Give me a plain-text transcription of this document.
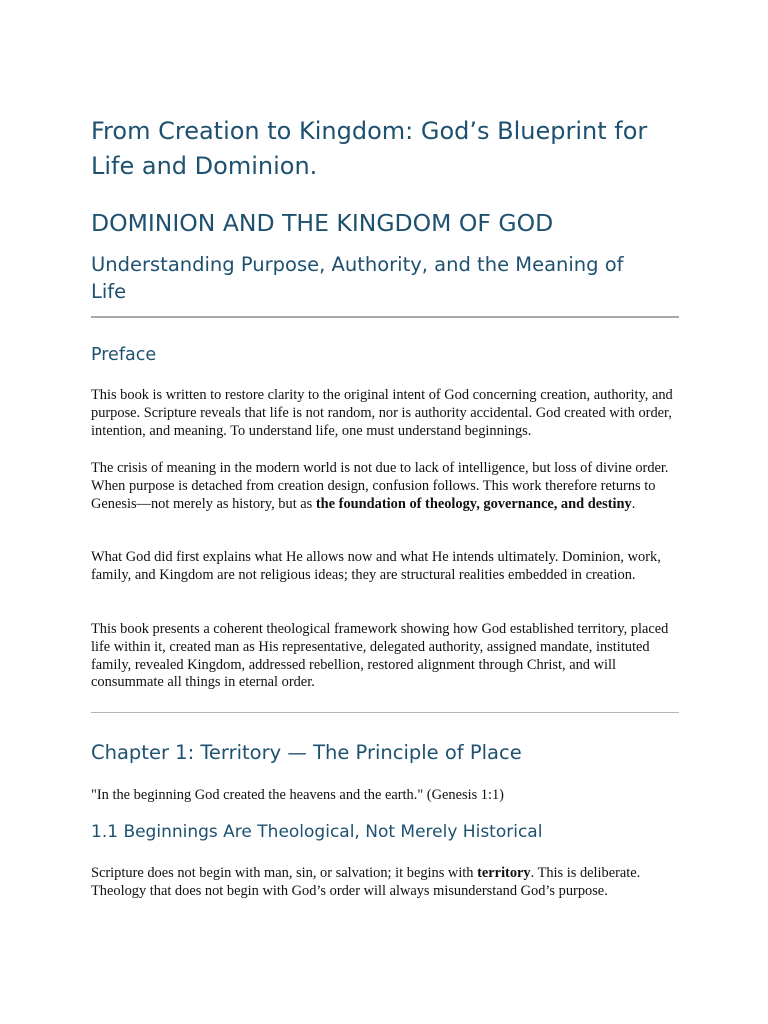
From Creation to Kingdom: God’s Blueprint for Life and Dominion.
DOMINION AND THE KINGDOM OF GOD
Understanding Purpose, Authority, and the Meaning of Life
Preface

This book is written to restore clarity to the original intent of God concerning creation, authority, and purpose. Scripture reveals that life is not random, nor is authority accidental. God created with order, intention, and meaning. To understand life, one must understand beginnings.

The crisis of meaning in the modern world is not due to lack of intelligence, but loss of divine order. When purpose is detached from creation design, confusion follows. This work therefore returns to Genesis—not merely as history, but as the foundation of theology, governance, and destiny.

What God did first explains what He allows now and what He intends ultimately. Dominion, work, family, and Kingdom are not religious ideas; they are structural realities embedded in creation.

This book presents a coherent theological framework showing how God established territory, placed life within it, created man as His representative, delegated authority, assigned mandate, instituted family, revealed Kingdom, addressed rebellion, restored alignment through Christ, and will consummate all things in eternal order.

Chapter 1: Territory — The Principle of Place

"In the beginning God created the heavens and the earth." (Genesis 1:1)

1.1 Beginnings Are Theological, Not Merely Historical

Scripture does not begin with man, sin, or salvation; it begins with territory. This is deliberate. Theology that does not begin with God’s order will always misunderstand God’s purpose.
